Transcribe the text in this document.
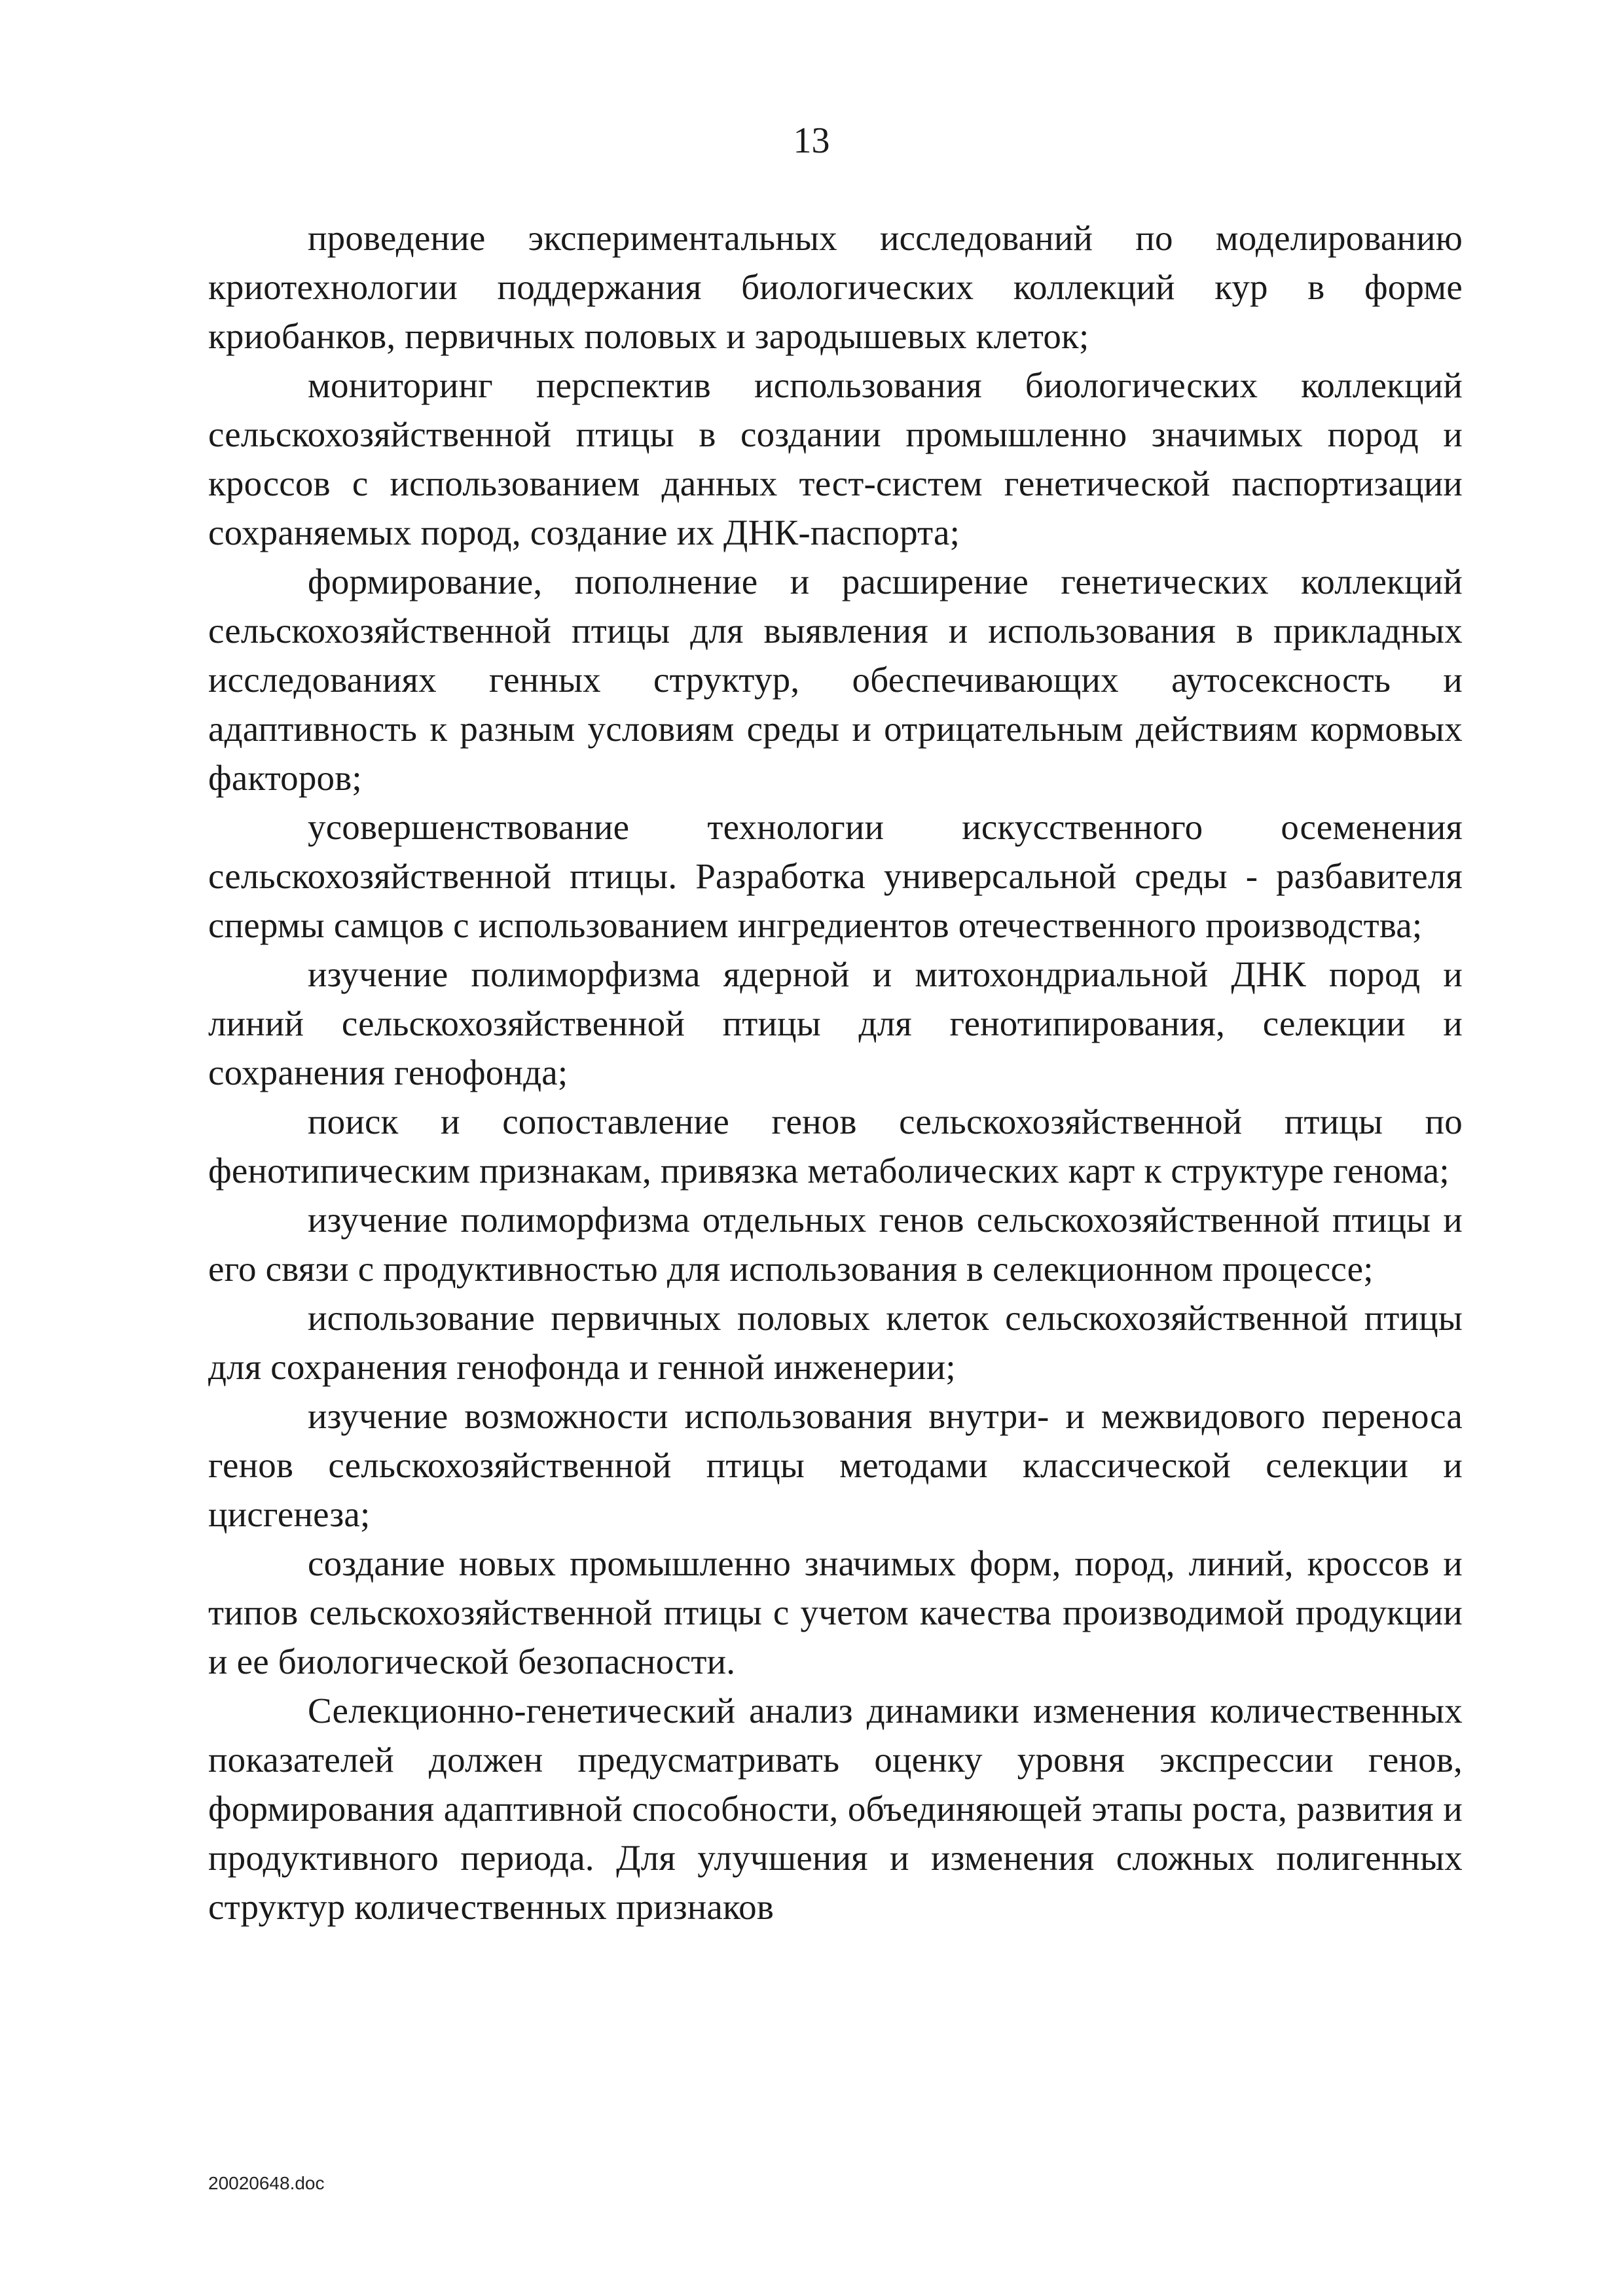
13

проведение экспериментальных исследований по моделированию криотехнологии поддержания биологических коллекций кур в форме криобанков, первичных половых и зародышевых клеток;

мониторинг перспектив использования биологических коллекций сельскохозяйственной птицы в создании промышленно значимых пород и кроссов с использованием данных тест-систем генетической паспортизации сохраняемых пород, создание их ДНК-паспорта;

формирование, пополнение и расширение генетических коллекций сельскохозяйственной птицы для выявления и использования в прикладных исследованиях генных структур, обеспечивающих аутосексность и адаптивность к разным условиям среды и отрицательным действиям кормовых факторов;

усовершенствование технологии искусственного осеменения сельскохозяйственной птицы. Разработка универсальной среды - разбавителя спермы самцов с использованием ингредиентов отечественного производства;

изучение полиморфизма ядерной и митохондриальной ДНК пород и линий сельскохозяйственной птицы для генотипирования, селекции и сохранения генофонда;

поиск и сопоставление генов сельскохозяйственной птицы по фенотипическим признакам, привязка метаболических карт к структуре генома;

изучение полиморфизма отдельных генов сельскохозяйственной птицы и его связи с продуктивностью для использования в селекционном процессе;

использование первичных половых клеток сельскохозяйственной птицы для сохранения генофонда и генной инженерии;

изучение возможности использования внутри- и межвидового переноса генов сельскохозяйственной птицы методами классической селекции и цисгенеза;

создание новых промышленно значимых форм, пород, линий, кроссов и типов сельскохозяйственной птицы с учетом качества производимой продукции и ее биологической безопасности.

Селекционно-генетический анализ динамики изменения количественных показателей должен предусматривать оценку уровня экспрессии генов, формирования адаптивной способности, объединяющей этапы роста, развития и продуктивного периода. Для улучшения и изменения сложных полигенных структур количественных признаков

20020648.doc
